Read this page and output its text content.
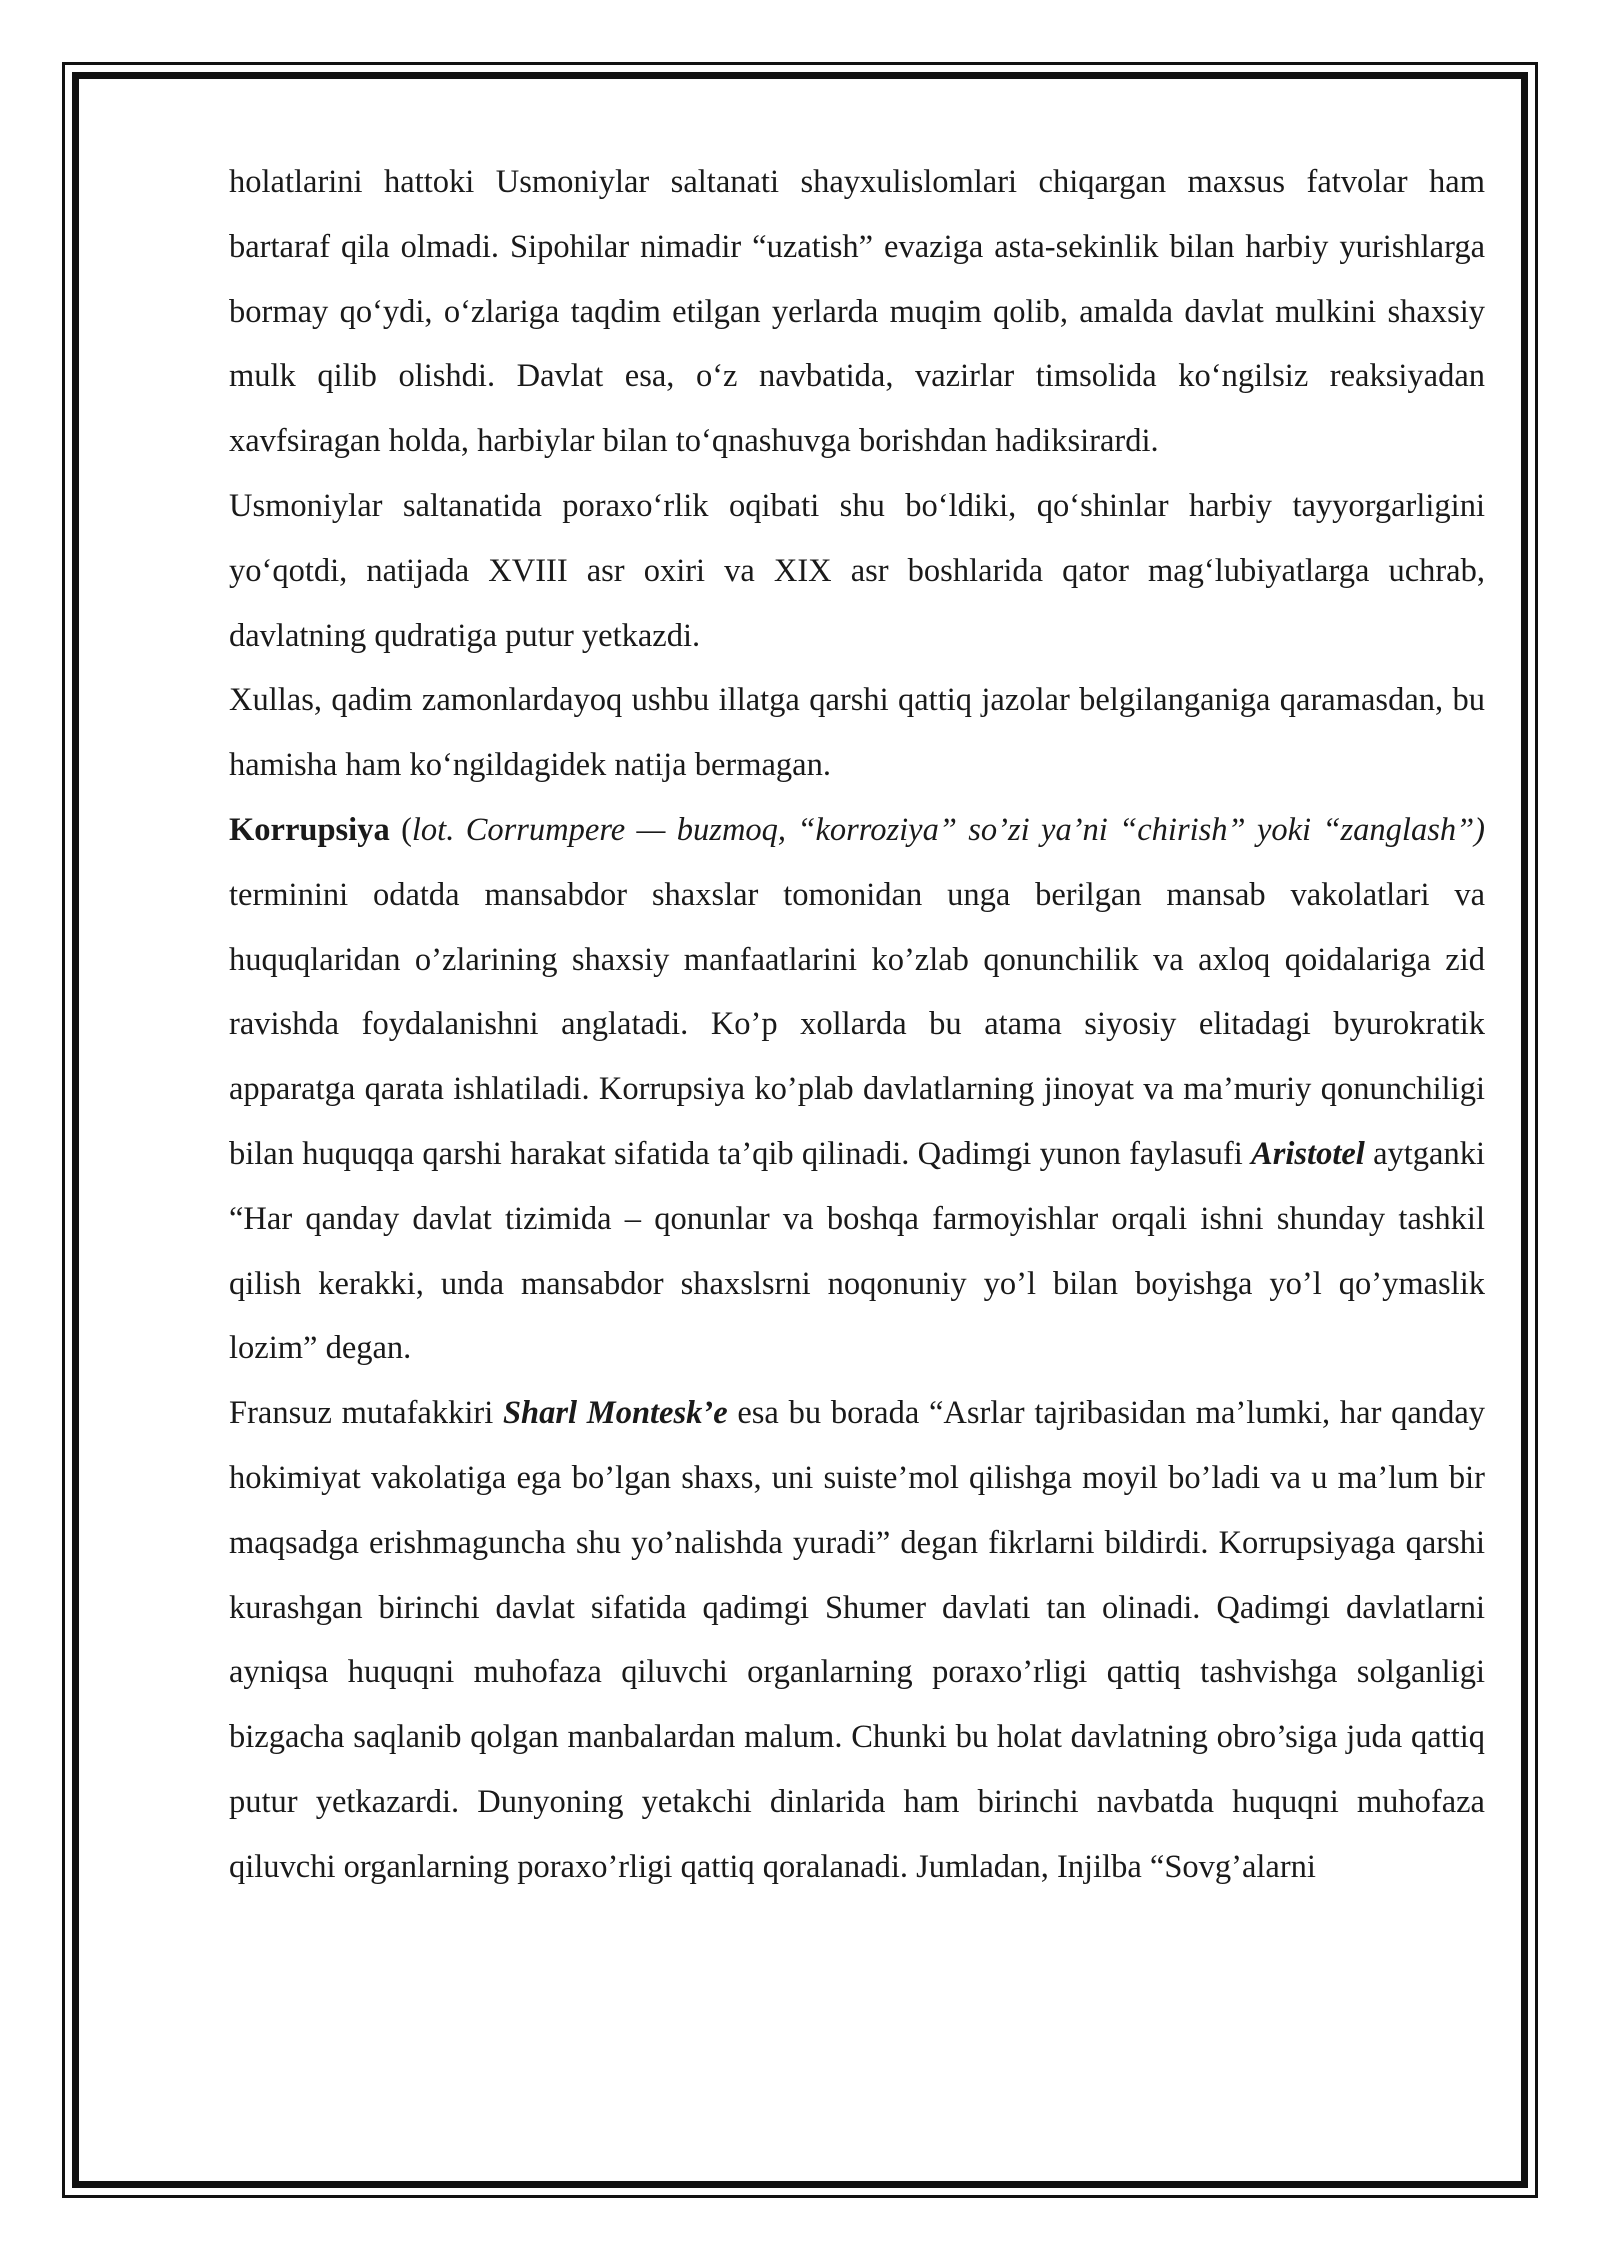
holatlarini hattoki Usmoniylar saltanati shayxulislomlari chiqargan maxsus fatvolar ham bartaraf qila olmadi. Sipohilar nimadir “uzatish” evaziga asta-sekinlik bilan harbiy yurishlarga bormay qo‘ydi, o‘zlariga taqdim etilgan yerlarda muqim qolib, amalda davlat mulkini shaxsiy mulk qilib olishdi. Davlat esa, o‘z navbatida, vazirlar timsolida ko‘ngilsiz reaksiyadan xavfsiragan holda, harbiylar bilan to‘qnashuvga borishdan hadiksirardi.

Usmoniylar saltanatida poraxo‘rlik oqibati shu bo‘ldiki, qo‘shinlar harbiy tayyorgarligini yo‘qotdi, natijada XVIII asr oxiri va XIX asr boshlarida qator mag‘lubiyatlarga uchrab, davlatning qudratiga putur yetkazdi.

Xullas, qadim zamonlardayoq ushbu illatga qarshi qattiq jazolar belgilanganiga qaramasdan, bu hamisha ham ko‘ngildagidek natija bermagan.

Korrupsiya (lot. Corrumpere — buzmoq, “korroziya” so’zi ya’ni “chirish” yoki “zanglash”) terminini odatda mansabdor shaxslar tomonidan unga berilgan mansab vakolatlari va huquqlaridan o’zlarining shaxsiy manfaatlarini ko’zlab qonunchilik va axloq qoidalariga zid ravishda foydalanishni anglatadi. Ko’p xollarda bu atama siyosiy elitadagi byurokratik apparatga qarata ishlatiladi. Korrupsiya ko’plab davlatlarning jinoyat va ma’muriy qonunchiligi bilan huquqqa qarshi harakat sifatida ta’qib qilinadi. Qadimgi yunon faylasufi Aristotel aytganki “Har qanday davlat tizimida – qonunlar va boshqa farmoyishlar orqali ishni shunday tashkil qilish kerakki, unda mansabdor shaxslsrni noqonuniy yo’l bilan boyishga yo’l qo’ymaslik lozim” degan.

Fransuz mutafakkiri Sharl Montesk’e esa bu borada “Asrlar tajribasidan ma’lumki, har qanday hokimiyat vakolatiga ega bo’lgan shaxs, uni suiste’mol qilishga moyil bo’ladi va u ma’lum bir maqsadga erishmaguncha shu yo’nalishda yuradi” degan fikrlarni bildirdi. Korrupsiyaga qarshi kurashgan birinchi davlat sifatida qadimgi Shumer davlati tan olinadi. Qadimgi davlatlarni ayniqsa huquqni muhofaza qiluvchi organlarning poraxo’rligi qattiq tashvishga solganligi bizgacha saqlanib qolgan manbalardan malum. Chunki bu holat davlatning obro’siga juda qattiq putur yetkazardi. Dunyoning yetakchi dinlarida ham birinchi navbatda huquqni muhofaza qiluvchi organlarning poraxo’rligi qattiq qoralanadi. Jumladan, Injilba “Sovg’alarni
